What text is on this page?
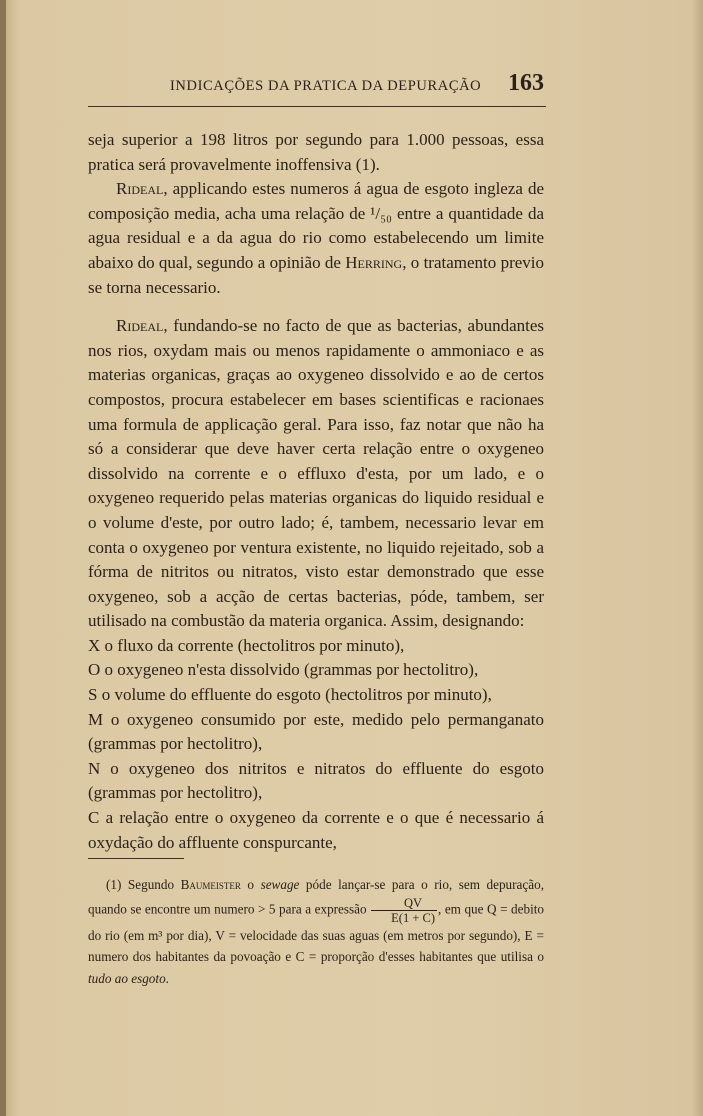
INDICAÇÕES DA PRATICA DA DEPURAÇÃO 163

seja superior a 198 litros por segundo para 1.000 pessoas, essa pratica será provavelmente inoffensiva (1).

Rideal, applicando estes numeros á agua de esgoto ingleza de composição media, acha uma relação de ¹/₅₀ entre a quantidade da agua residual e a da agua do rio como estabelecendo um limite abaixo do qual, segundo a opinião de Herring, o tratamento previo se torna necessario.

Rideal, fundando-se no facto de que as bacterias, abundantes nos rios, oxydam mais ou menos rapidamente o ammoniaco e as materias organicas, graças ao oxygeneo dissolvido e ao de certos compostos, procura estabelecer em bases scientificas e racionaes uma formula de applicação geral. Para isso, faz notar que não ha só a considerar que deve haver certa relação entre o oxygeneo dissolvido na corrente e o effluxo d'esta, por um lado, e o oxygeneo requerido pelas materias organicas do liquido residual e o volume d'este, por outro lado; é, tambem, necessario levar em conta o oxygeneo por ventura existente, no liquido rejeitado, sob a fórma de nitritos ou nitratos, visto estar demonstrado que esse oxygeneo, sob a acção de certas bacterias, póde, tambem, ser utilisado na combustão da materia organica. Assim, designando:

X o fluxo da corrente (hectolitros por minuto),

O o oxygeneo n'esta dissolvido (grammas por hectolitro),

S o volume do effluente do esgoto (hectolitros por minuto),

M o oxygeneo consumido por este, medido pelo permanganato (grammas por hectolitro),

N o oxygeneo dos nitritos e nitratos do effluente do esgoto (grammas por hectolitro),

C a relação entre o oxygeneo da corrente e o que é necessario á oxydação do affluente conspurcante,

(1) Segundo Baumeister o sewage póde lançar-se para o rio, sem depuração, quando se encontre um numero > 5 para a expressão $\frac{QV}{E(1 + C)}$ , em que Q = debito do rio (em m³ por dia), V = velocidade das suas aguas (em metros por segundo), E = numero dos habitantes da povoação e C = proporção d'esses habitantes que utilisa o tudo ao esgoto.
